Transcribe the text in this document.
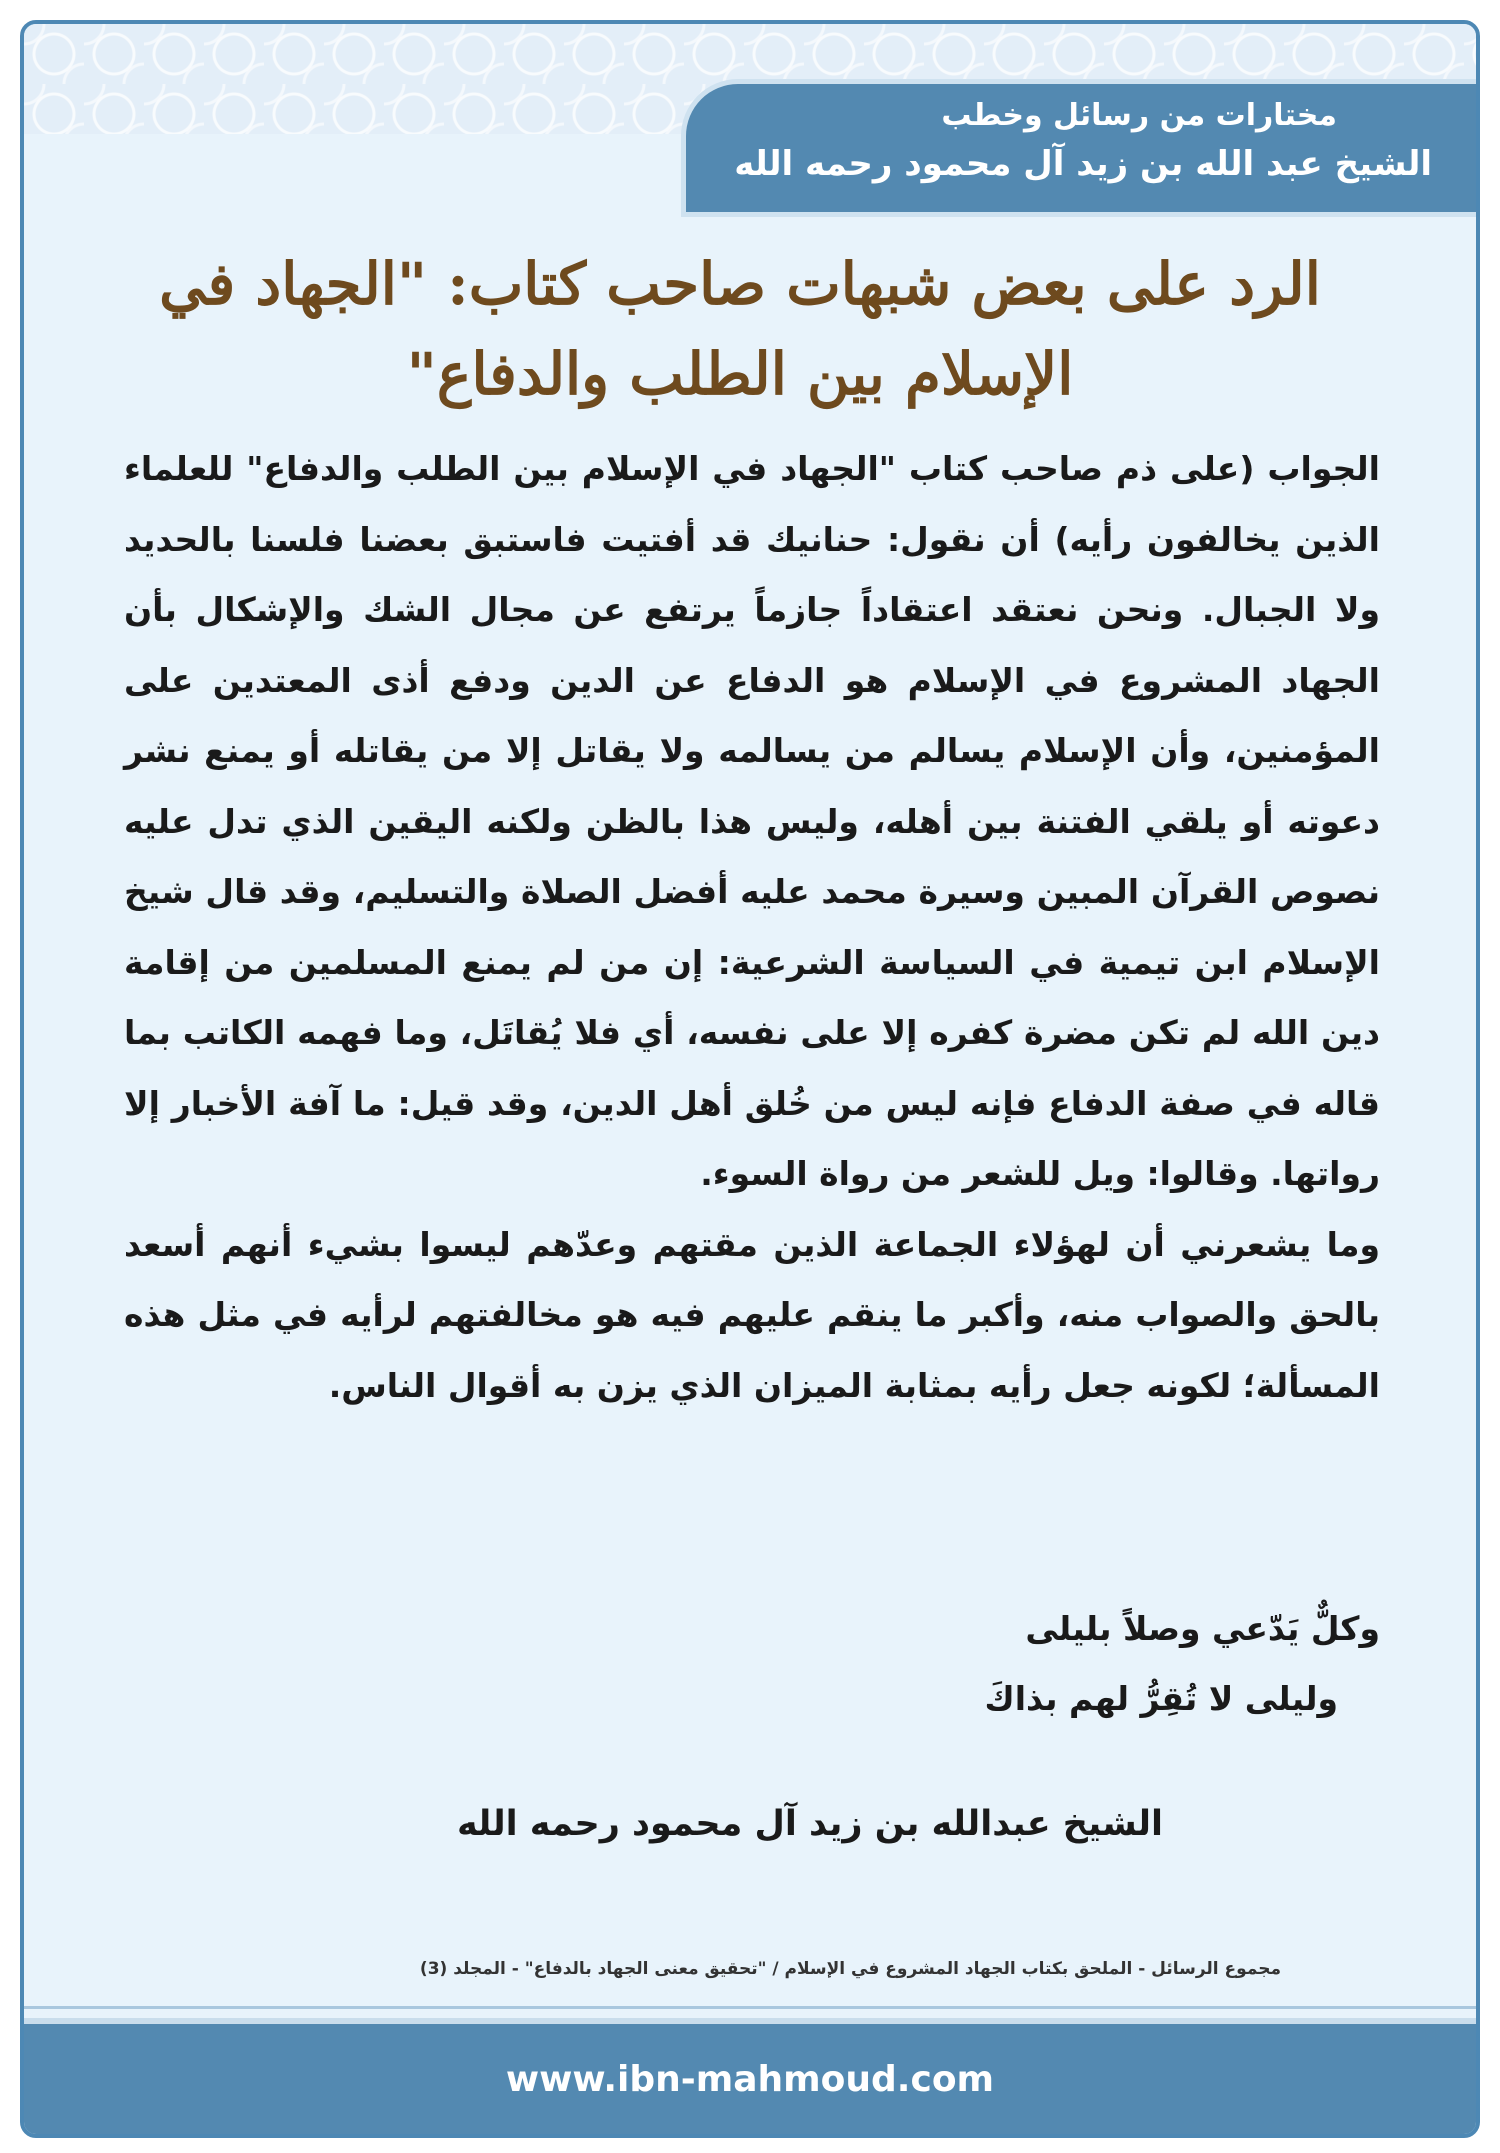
مختارات من رسائل وخطب
الشيخ عبد الله بن زيد آل محمود رحمه الله
الرد على بعض شبهات صاحب كتاب: "الجهاد في الإسلام بين الطلب والدفاع"
الجواب (على ذم صاحب كتاب "الجهاد في الإسلام بين الطلب والدفاع" للعلماء الذين يخالفون رأيه) أن نقول: حنانيك قد أفتيت فاستبق بعضنا فلسنا بالحديد ولا الجبال. ونحن نعتقد اعتقاداً جازماً يرتفع عن مجال الشك والإشكال بأن الجهاد المشروع في الإسلام هو الدفاع عن الدين ودفع أذى المعتدين على المؤمنين، وأن الإسلام يسالم من يسالمه ولا يقاتل إلا من يقاتله أو يمنع نشر دعوته أو يلقي الفتنة بين أهله، وليس هذا بالظن ولكنه اليقين الذي تدل عليه نصوص القرآن المبين وسيرة محمد عليه أفضل الصلاة والتسليم، وقد قال شيخ الإسلام ابن تيمية في السياسة الشرعية: إن من لم يمنع المسلمين من إقامة دين الله لم تكن مضرة كفره إلا على نفسه، أي فلا يُقاتَل، وما فهمه الكاتب بما قاله في صفة الدفاع فإنه ليس من خُلق أهل الدين، وقد قيل: ما آفة الأخبار إلا رواتها. وقالوا: ويل للشعر من رواة السوء.
وما يشعرني أن لهؤلاء الجماعة الذين مقتهم وعدّهم ليسوا بشيء أنهم أسعد بالحق والصواب منه، وأكبر ما ينقم عليهم فيه هو مخالفتهم لرأيه في مثل هذه المسألة؛ لكونه جعل رأيه بمثابة الميزان الذي يزن به أقوال الناس.
وكلٌّ يَدّعي وصلاً بليلى
وليلى لا تُقِرُّ لهم بذاكَ
الشيخ عبدالله بن زيد آل محمود رحمه الله
مجموع الرسائل - الملحق بكتاب الجهاد المشروع في الإسلام / "تحقيق معنى الجهاد بالدفاع" - المجلد (3)
www.ibn-mahmoud.com
